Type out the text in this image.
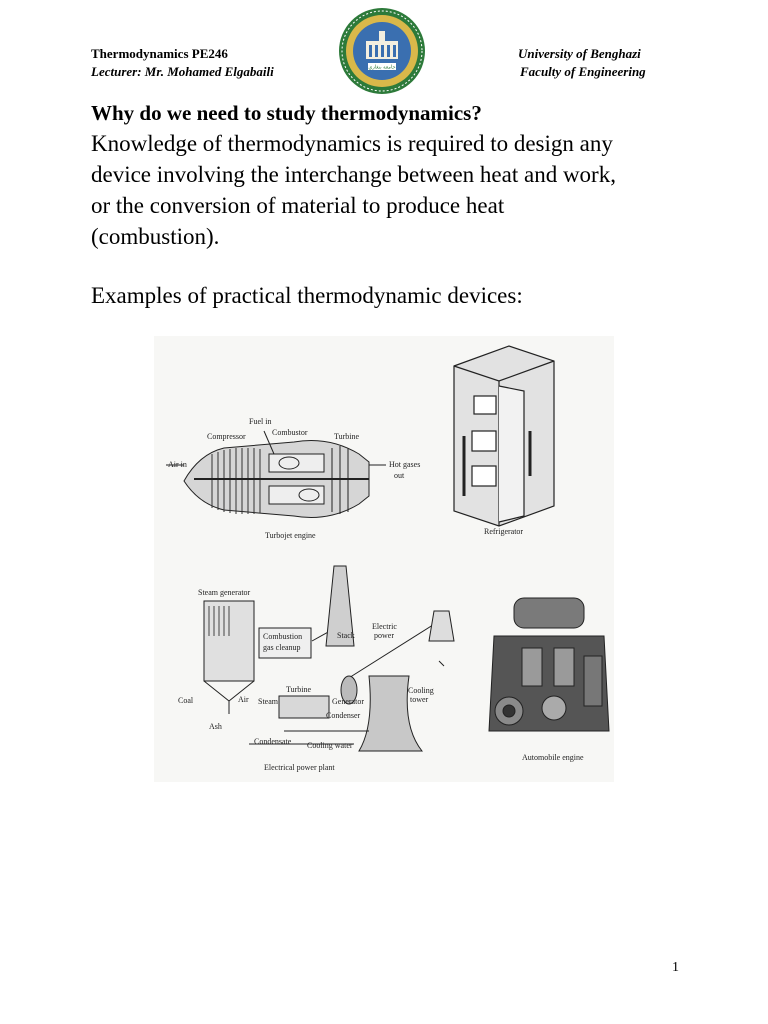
Thermodynamics PE246
Lecturer: Mr. Mohamed Elgabaili	جامعة بنغازي
University of Benghazi
Faculty of Engineering
Why do we need to study thermodynamics?
Knowledge of thermodynamics is required to design any
device involving the interchange between heat and work,
or the conversion of material to produce heat
(combustion).
Examples of practical thermodynamic devices:
Fuel in
Compressor	Combustor	Turbine
Air in	Hot gases
out
Turbojet engine	Refrigerator
Steam generator
Combustion
gas cleanup
Stack
Electric
power
Turbine
Coal	Air Steam	Generator
Cooling
tower
Condenser
Ash
Condensate Cooling water
Electrical power plant
Automobile engine
1
